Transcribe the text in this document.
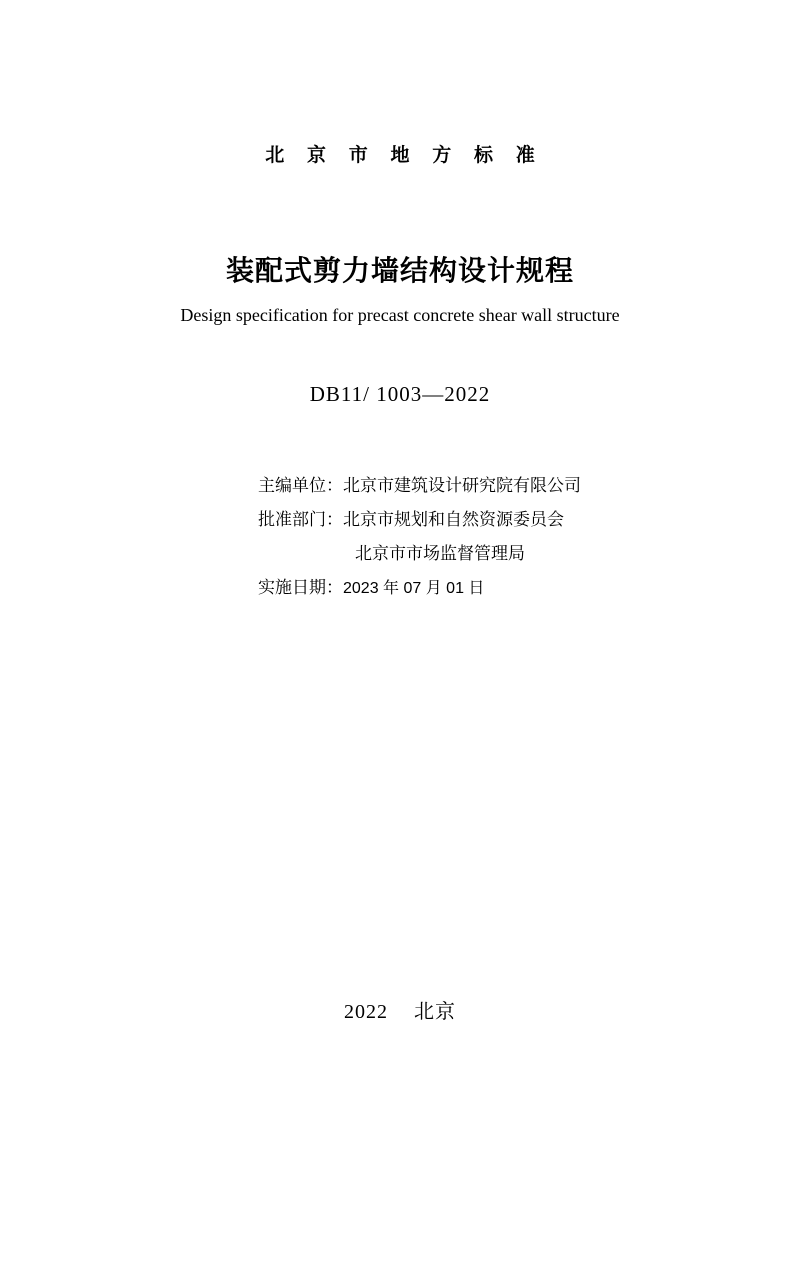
北 京 市 地 方 标 准
装配式剪力墙结构设计规程
Design specification for precast concrete shear wall structure
DB11/ 1003—2022
主编单位：北京市建筑设计研究院有限公司
批准部门：北京市规划和自然资源委员会
北京市市场监督管理局
实施日期：2023 年 07 月 01 日
2022 北京
